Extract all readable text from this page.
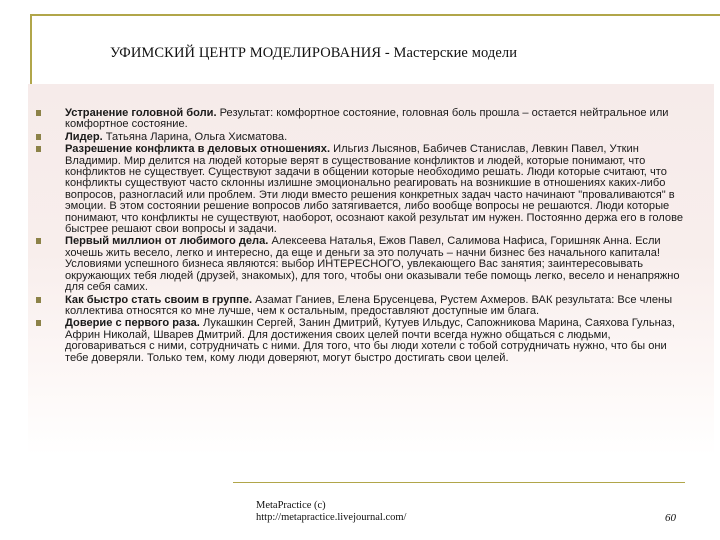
УФИМСКИЙ ЦЕНТР МОДЕЛИРОВАНИЯ - Мастерские модели
Устранение головной боли. Результат: комфортное состояние, головная боль прошла – остается нейтральное или комфортное состояние.
Лидер. Татьяна Ларина, Ольга Хисматова.
Разрешение конфликта в деловых отношениях. Ильгиз Лысянов, Бабичев Станислав, Левкин Павел, Уткин Владимир. Мир делится на людей которые верят в существование конфликтов и людей, которые понимают, что конфликтов не существует. Существуют задачи в общении которые необходимо решать. Люди которые считают, что конфликты существуют часто склонны излишне эмоционально реагировать на возникшие в отношениях каких-либо вопросов, разногласий или проблем. Эти люди вместо решения конкретных задач часто начинают "проваливаются" в эмоции. В этом состоянии решение вопросов либо затягивается, либо вообще вопросы не решаются. Люди которые понимают, что конфликты не существуют, наоборот, осознают какой результат им нужен. Постоянно держа его в голове быстрее решают свои вопросы и задачи.
Первый миллион от любимого дела. Алексеева Наталья, Ежов Павел, Салимова Нафиса, Горишняк Анна. Если хочешь жить весело, легко и интересно, да еще и деньги за это получать – начни бизнес без начального капитала! Условиями успешного бизнеса являются: выбор ИНТЕРЕСНОГО, увлекающего Вас занятия; заинтересовывать окружающих тебя людей (друзей, знакомых), для того, чтобы они оказывали тебе помощь легко, весело и ненапряжно для себя самих.
Как быстро стать своим в группе. Азамат Ганиев, Елена Брусенцева, Рустем Ахмеров. ВАК результата: Все члены коллектива относятся ко мне лучше, чем к остальным, предоставляют доступные им блага.
Доверие с первого раза. Лукашкин Сергей, Занин Дмитрий, Кутуев Ильдус, Сапожникова Марина, Саяхова Гульназ, Африн Николай, Шварев Дмитрий. Для достижения своих целей почти всегда нужно общаться с людьми, договариваться с ними, сотрудничать с ними. Для того, что бы люди хотели с тобой сотрудничать нужно, что бы они тебе доверяли. Только тем, кому люди доверяют, могут быстро достигать свои целей.
MetaPractice (c)
http://metapractice.livejournal.com/	60
